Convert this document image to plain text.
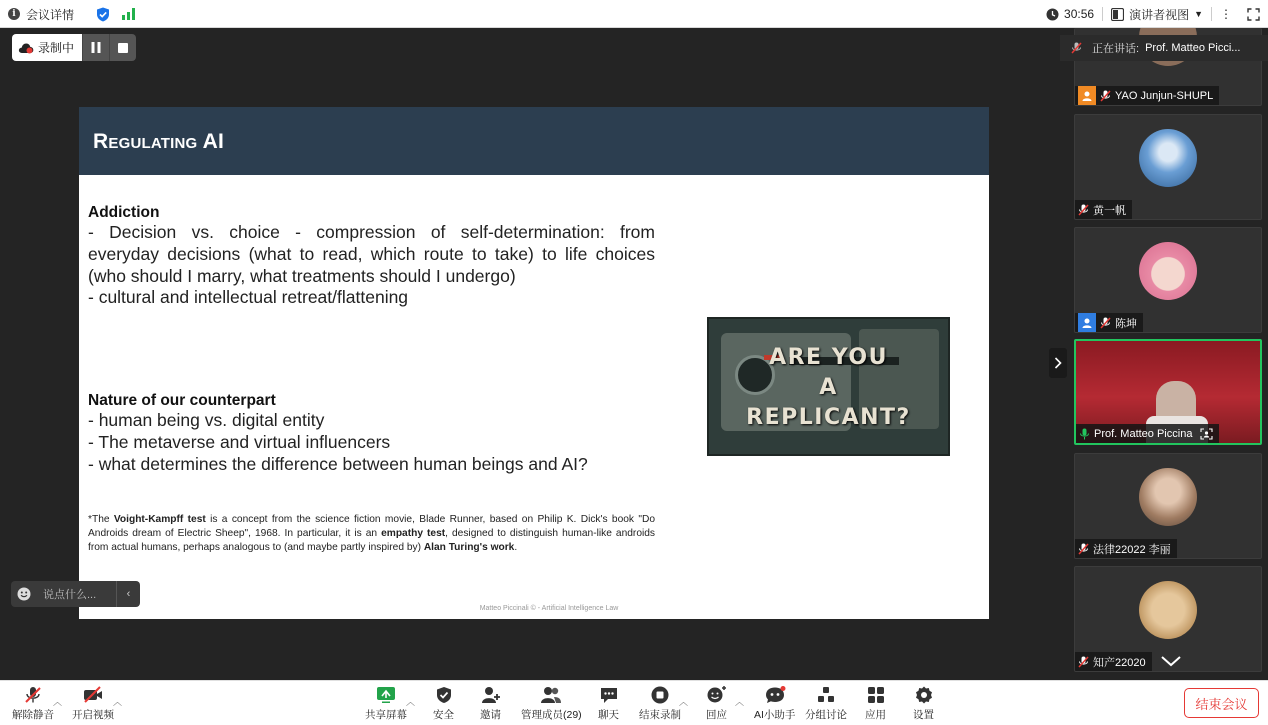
i 会议详情	30:56	演讲者视图 ▼ ⋮
录制中
Regulating AI
Addiction
- Decision vs. choice - compression of self-determination: from
everyday decisions (what to read, which route to take) to life choices
(who should I marry, what treatments should I undergo)
- cultural and intellectual retreat/flattening
Nature of our counterpart
- human being vs. digital entity
- The metaverse and virtual influencers
- what determines the difference between human beings and AI?
*The Voight-Kampff test is a concept from the science fiction movie, Blade Runner, based on Philip K. Dick's book "Do Androids dream of Electric Sheep", 1968. In particular, it is an empathy test, designed to distinguish human-like androids from actual humans, perhaps analogous to (and maybe partly inspired by) Alan Turing's work.
ARE YOU
A
REPLICANT?
Matteo Piccinali © - Artificial Intelligence Law
说点什么...	‹
YAO Junjun-SHUPL
正在讲话: Prof. Matteo Picci...
黄一帆
陈坤
Prof. Matteo Piccina
法律22022 李丽
知产22020
解除静音
︿
开启视频
︿
共享屏幕
︿
安全 邀请 管理成员(29) 聊天 结束录制
︿
回应
︿
AI小助手 分组讨论 应用	设置
结束会议
